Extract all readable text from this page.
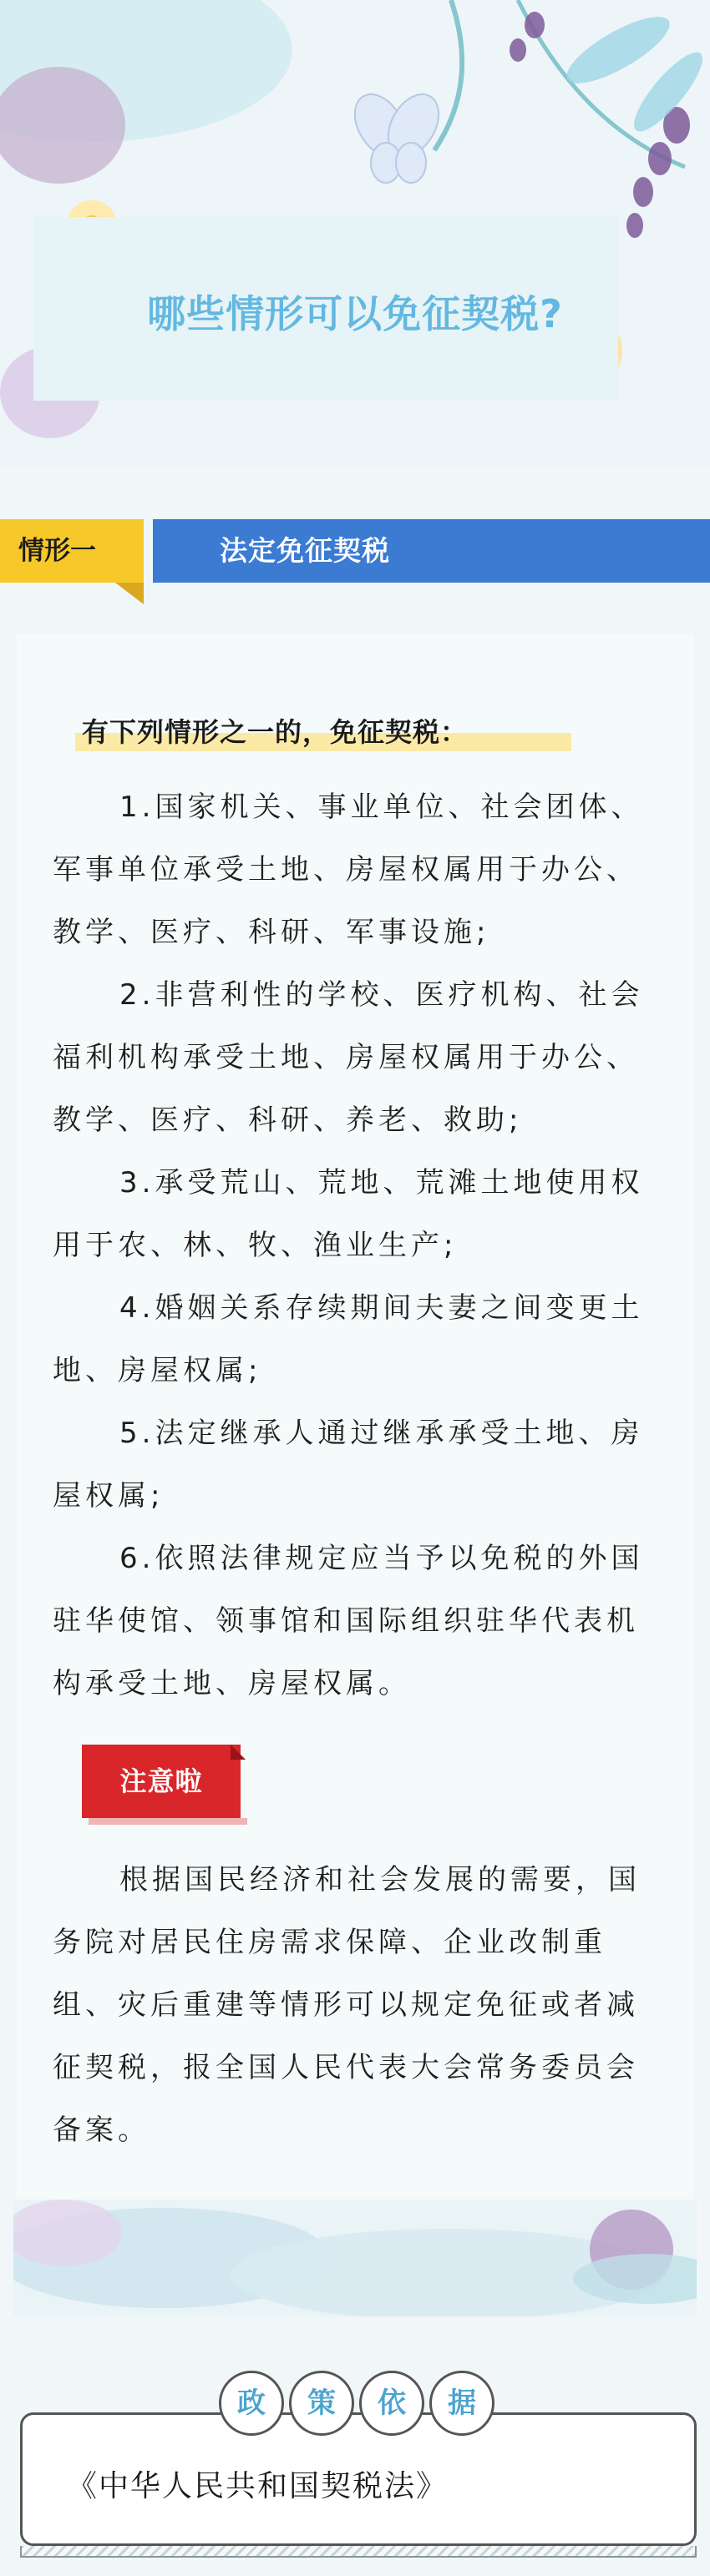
哪些情形可以免征契税?
情形一	法定免征契税
有下列情形之一的，免征契税：

1.国家机关、事业单位、社会团体、军事单位承受土地、房屋权属用于办公、教学、医疗、科研、军事设施;

2.非营利性的学校、医疗机构、社会福利机构承受土地、房屋权属用于办公、教学、医疗、科研、养老、救助;

3.承受荒山、荒地、荒滩土地使用权用于农、林、牧、渔业生产;

4.婚姻关系存续期间夫妻之间变更土地、房屋权属;

5.法定继承人通过继承承受土地、房屋权属;

6.依照法律规定应当予以免税的外国驻华使馆、领事馆和国际组织驻华代表机构承受土地、房屋权属。

注意啦

根据国民经济和社会发展的需要，国务院对居民住房需求保障、企业改制重组、灾后重建等情形可以规定免征或者减征契税，报全国人民代表大会常务委员会备案。

政	策	依	据
《中华人民共和国契税法》
